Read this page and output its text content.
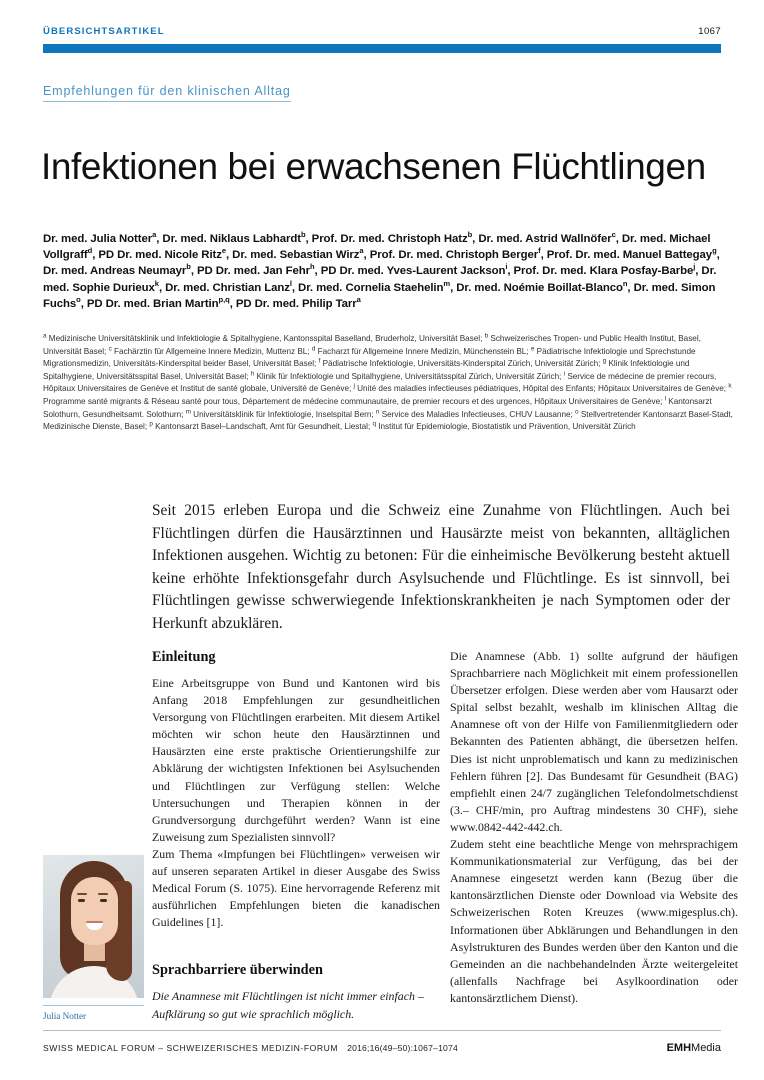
ÜBERSICHTSARTIKEL	1067
Empfehlungen für den klinischen Alltag
Infektionen bei erwachsenen Flüchtlingen
Dr. med. Julia Notter$^a$, Dr. med. Niklaus Labhardt$^b$, Prof. Dr. med. Christoph Hatz$^b$, Dr. med. Astrid Wallnöfer$^c$, Dr. med. Michael Vollgraff$^d$, PD Dr. med. Nicole Ritz$^e$, Dr. med. Sebastian Wirz$^a$, Prof. Dr. med. Christoph Berger$^f$, Prof. Dr. med. Manuel Battegay$^g$, Dr. med. Andreas Neumayr$^b$, PD Dr. med. Jan Fehr$^h$, PD Dr. med. Yves-Laurent Jackson$^i$, Prof. Dr. med. Klara Posfay-Barbe$^j$, Dr. med. Sophie Durieux$^k$, Dr. med. Christian Lanz$^l$, Dr. med. Cornelia Staehelin$^m$, Dr. med. Noémie Boillat-Blanco$^n$, Dr. med. Simon Fuchs$^o$, PD Dr. med. Brian Martin$^{p,q}$, PD Dr. med. Philip Tarr$^a$
$^a$ Medizinische Universitätsklinik und Infektiologie & Spitalhygiene, Kantonsspital Baselland, Bruderholz, Universität Basel; $^b$ Schweizerisches Tropen- und Public Health Institut, Basel, Universität Basel; $^c$ Fachärztin für Allgemeine Innere Medizin, Muttenz BL; $^d$ Facharzt für Allgemeine Innere Medizin, Münchenstein BL; $^e$ Pädiatrische Infektiologie und Sprechstunde Migrationsmedizin, Universitäts-Kinderspital beider Basel, Universität Basel; $^f$ Pädiatrische Infektiologie, Universitäts-Kinderspital Zürich, Universität Zürich; $^g$ Klinik Infektiologie und Spitalhygiene, Universitätsspital Basel, Universität Basel; $^h$ Klinik für Infektiologie und Spitalhygiene, Universitätsspital Zürich, Universität Zürich; $^i$ Service de médecine de premier recours, Hôpitaux Universitaires de Genève et Institut de santé globale, Université de Genève; $^j$ Unité des maladies infectieuses pédiatriques, Hôpital des Enfants; Hôpitaux Universitaires de Genève; $^k$ Programme santé migrants & Réseau santé pour tous, Département de médecine communautaire, de premier recours et des urgences, Hôpitaux Universitaires de Genève; $^l$ Kantonsarzt Solothurn, Gesundheitsamt. Solothurn; $^m$ Universitätsklinik für Infektiologie, Inselspital Bern; $^n$ Service des Maladies Infectieuses, CHUV Lausanne; $^o$ Stellvertretender Kantonsarzt Basel-Stadt, Medizinische Dienste, Basel; $^p$ Kantonsarzt Basel–Landschaft, Amt für Gesundheit, Liestal; $^q$ Institut für Epidemiologie, Biostatistik und Prävention, Universität Zürich
Seit 2015 erleben Europa und die Schweiz eine Zunahme von Flüchtlingen. Auch bei Flüchtlingen dürfen die Hausärztinnen und Hausärzte meist von bekannten, alltäglichen Infektionen ausgehen. Wichtig zu betonen: Für die einheimische Bevölkerung besteht aktuell keine erhöhte Infektionsgefahr durch Asylsuchende und Flüchtlinge. Es ist sinnvoll, bei Flüchtlingen gewisse schwerwiegende Infektionskrankheiten je nach Symptomen oder der Herkunft abzuklären.
Einleitung

Eine Arbeitsgruppe von Bund und Kantonen wird bis Anfang 2018 Empfehlungen zur gesundheitlichen Versorgung von Flüchtlingen erarbeiten. Mit diesem Artikel möchten wir schon heute den Hausärztinnen und Hausärzten eine erste praktische Orientierungshilfe zur Abklärung der wichtigsten Infektionen bei Asylsuchenden und Flüchtlingen zur Verfügung stellen: Welche Untersuchungen und Therapien können in der Grundversorgung durchgeführt werden? Wann ist eine Zuweisung zum Spezialisten sinnvoll?

Zum Thema «Impfungen bei Flüchtlingen» verweisen wir auf unseren separaten Artikel in dieser Ausgabe des Swiss Medical Forum (S. 1075). Eine hervorragende Referenz mit ausführlichen Empfehlungen bieten die kanadischen Guidelines [1].

Sprachbarriere überwinden

Die Anamnese mit Flüchtlingen ist nicht immer einfach – Aufklärung so gut wie sprachlich möglich.

Die Anamnese (Abb. 1) sollte aufgrund der häufigen Sprachbarriere nach Möglichkeit mit einem professionellen Übersetzer erfolgen. Diese werden aber vom Hausarzt oder Spital selbst bezahlt, weshalb im klinischen Alltag die Anamnese oft von der Hilfe von Familienmitgliedern oder Bekannten des Patienten abhängt, die übersetzen helfen. Dies ist nicht unproblematisch und kann zu medizinischen Fehlern führen [2]. Das Bundesamt für Gesundheit (BAG) empfiehlt einen 24/7 zugänglichen Telefondolmetschdienst (3.– CHF/min, pro Auftrag mindestens 30 CHF), siehe www.0842-442-442.ch.

Zudem steht eine beachtliche Menge von mehrsprachigem Kommunikationsmaterial zur Verfügung, das bei der Anamnese eingesetzt werden kann (Bezug über die kantonsärztlichen Dienste oder Download via Website des Schweizerischen Roten Kreuzes (www.migesplus.ch). Informationen über Abklärungen und Behandlungen in den Asylstrukturen des Bundes werden über den Kanton und die Gemeinden an die nachbehandelnden Ärzte weitergeleitet (allenfalls Nachfrage bei Asylkoordination oder kantonsärztlichem Dienst).

Julia Notter
SWISS MEDICAL FORUM – SCHWEIZERISCHES MEDIZIN-FORUM 2016;16(49–50):1067–1074	EMHMedia
